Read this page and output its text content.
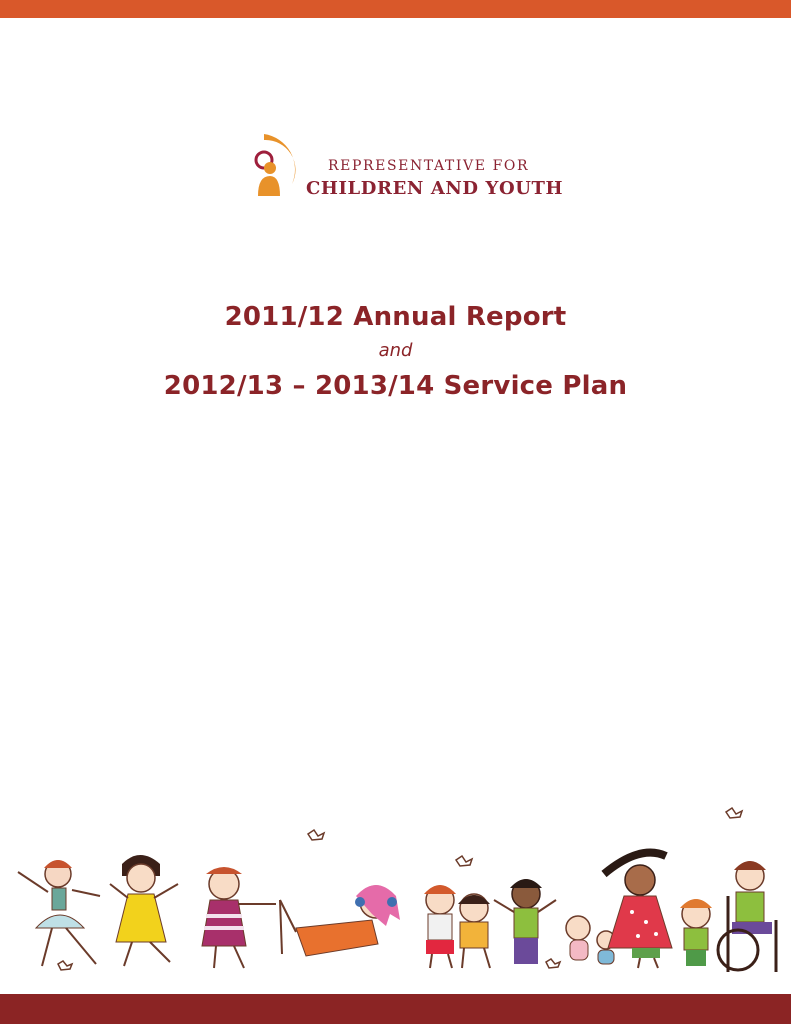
REPRESENTATIVE FOR
CHILDREN AND YOUTH
2011/12 Annual Report
and
2012/13 – 2013/14 Service Plan
